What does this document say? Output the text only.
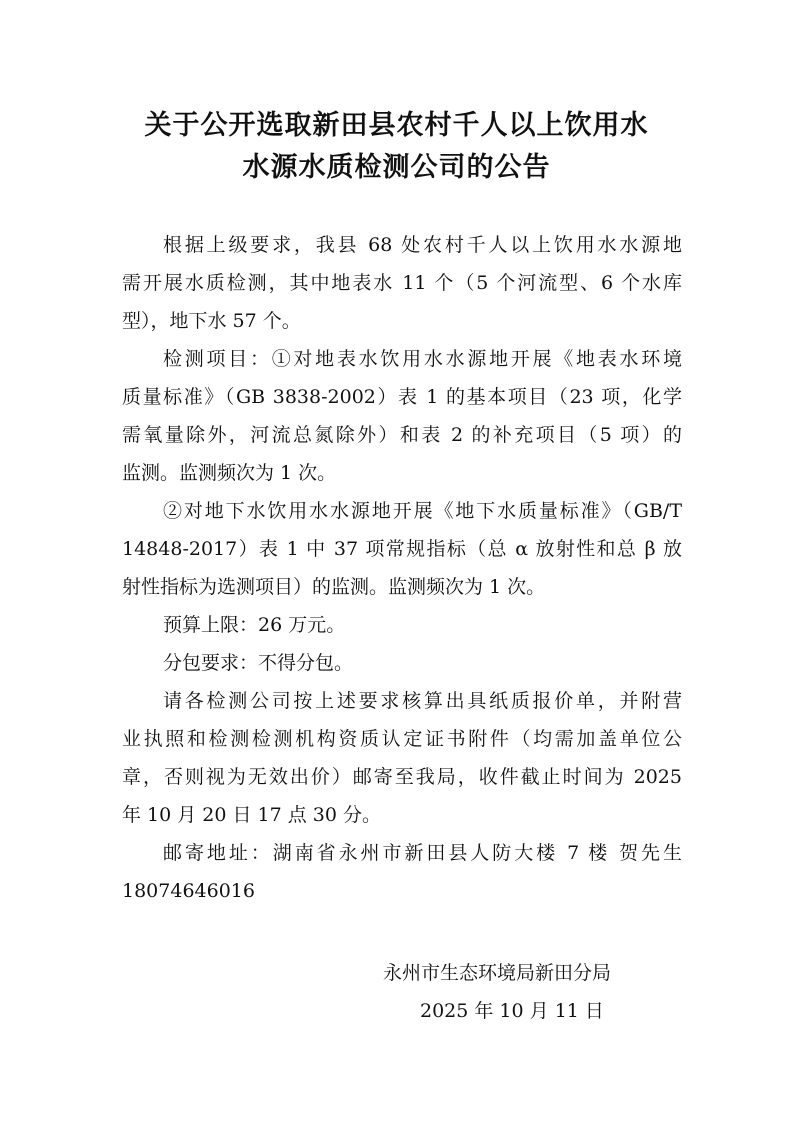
关于公开选取新田县农村千人以上饮用水
水源水质检测公司的公告

根据上级要求，我县 68 处农村千人以上饮用水水源地

需开展水质检测，其中地表水 11 个（5 个河流型、6 个水库

型），地下水 57 个。

检测项目：①对地表水饮用水水源地开展《地表水环境

质量标准》（GB 3838-2002）表 1 的基本项目（23 项，化学

需氧量除外，河流总氮除外）和表 2 的补充项目（5 项）的

监测。监测频次为 1 次。

②对地下水饮用水水源地开展《地下水质量标准》（GB/T

14848-2017）表 1 中 37 项常规指标（总 α 放射性和总 β 放

射性指标为选测项目）的监测。监测频次为 1 次。

预算上限：26 万元。

分包要求：不得分包。

请各检测公司按上述要求核算出具纸质报价单，并附营

业执照和检测检测机构资质认定证书附件（均需加盖单位公

章，否则视为无效出价）邮寄至我局，收件截止时间为 2025

年 10 月 20 日 17 点 30 分。

邮寄地址：湖南省永州市新田县人防大楼 7 楼 贺先生

18074646016

永州市生态环境局新田分局

2025 年 10 月 11 日
